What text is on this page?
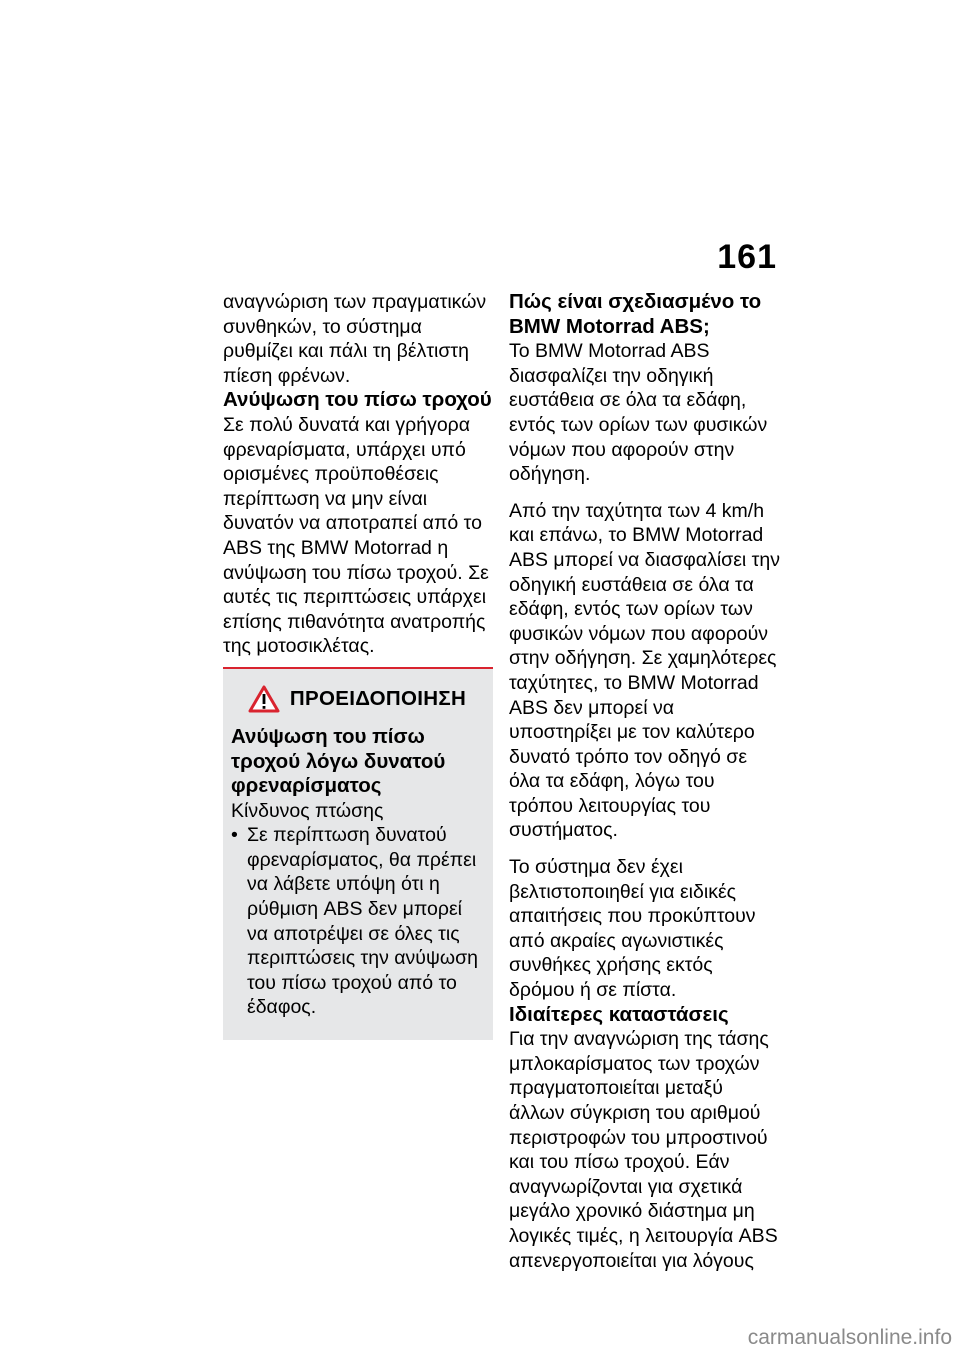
161

αναγνώριση των πραγματικών συνθηκών, το σύστημα ρυθμίζει και πάλι τη βέλτιστη πίεση φρένων.

Ανύψωση του πίσω τροχού

Σε πολύ δυνατά και γρήγορα φρεναρίσματα, υπάρχει υπό ορισμένες προϋποθέσεις περίπτωση να μην είναι δυνατόν να αποτραπεί από το ABS της BMW Motorrad η ανύψωση του πίσω τροχού. Σε αυτές τις περιπτώσεις υπάρχει επίσης πιθανότητα ανατροπής της μοτοσικλέτας.

ΠΡΟΕΙΔΟΠΟΙΗΣΗ

Ανύψωση του πίσω τροχού λόγω δυνατού φρεναρίσματος

Κίνδυνος πτώσης

• Σε περίπτωση δυνατού φρεναρίσματος, θα πρέπει να λάβετε υπόψη ότι η ρύθμιση ABS δεν μπορεί να αποτρέψει σε όλες τις περιπτώσεις την ανύψωση του πίσω τροχού από το έδαφος.
Πώς είναι σχεδιασμένο το BMW Motorrad ABS;

Το BMW Motorrad ABS διασφαλίζει την οδηγική ευστάθεια σε όλα τα εδάφη, εντός των ορίων των φυσικών νόμων που αφορούν στην οδήγηση.

Από την ταχύτητα των 4 km/h και επάνω, το BMW Motorrad ABS μπορεί να διασφαλίσει την οδηγική ευστάθεια σε όλα τα εδάφη, εντός των ορίων των φυσικών νόμων που αφορούν στην οδήγηση. Σε χαμηλότερες ταχύτητες, το BMW Motorrad ABS δεν μπορεί να υποστηρίξει με τον καλύτερο δυνατό τρόπο τον οδηγό σε όλα τα εδάφη, λόγω του τρόπου λειτουργίας του συστήματος.

Το σύστημα δεν έχει βελτιστοποιηθεί για ειδικές απαιτήσεις που προκύπτουν από ακραίες αγωνιστικές συνθήκες χρήσης εκτός δρόμου ή σε πίστα.

Ιδιαίτερες καταστάσεις

Για την αναγνώριση της τάσης μπλοκαρίσματος των τροχών πραγματοποιείται μεταξύ άλλων σύγκριση του αριθμού περιστροφών του μπροστινού και του πίσω τροχού. Εάν αναγνωρίζονται για σχετικά μεγάλο χρονικό διάστημα μη λογικές τιμές, η λειτουργία ABS απενεργοποιείται για λόγους

carmanualsonline.info
